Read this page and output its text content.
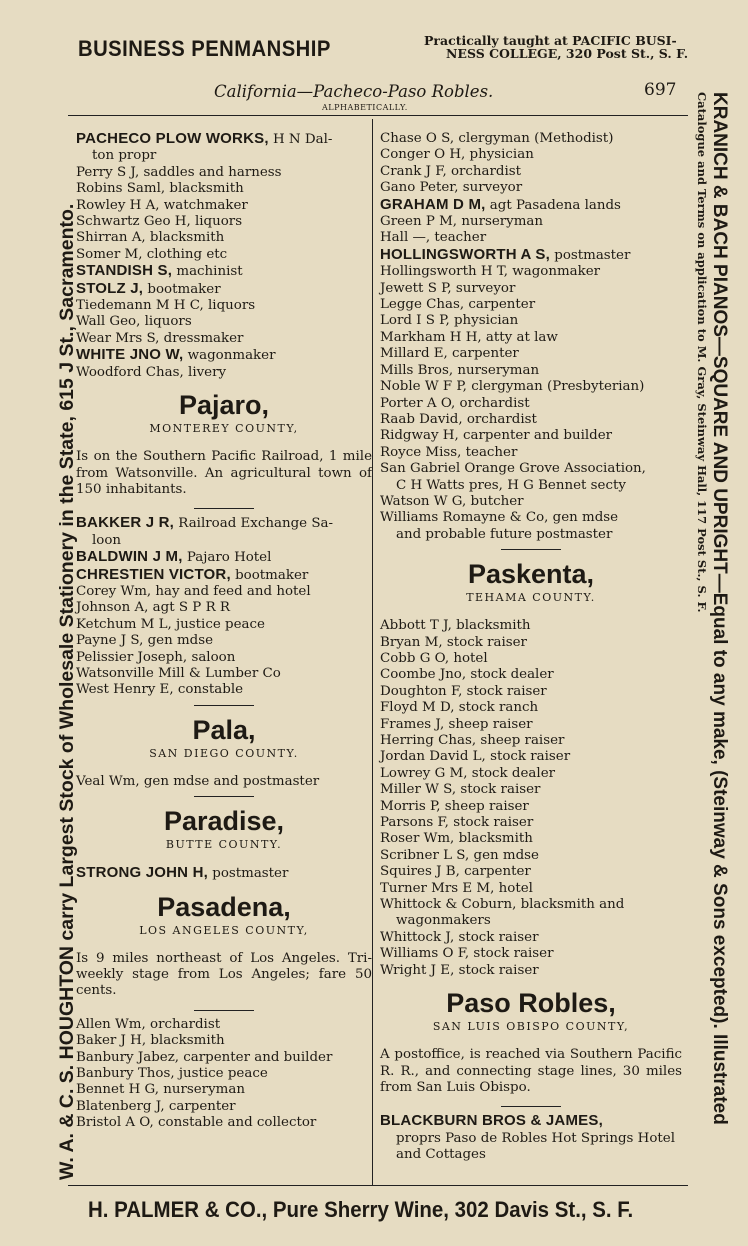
BUSINESS PENMANSHIP	Practically taught at PACIFIC BUSI-
NESS COLLEGE, 320 Post St., S. F.
W. A. & C. S. HOUGHTON carry Largest Stock of Wholesale Stationery in the State, 615 J St., Sacramento.	KRANICH & BACH PIANOS—SQUARE AND UPRIGHT—Equal to any make, (Steinway & Sons excepted). Illustrated
Catalogue and Terms on application to M. Gray, Steinway Hall, 117 Post St., S. F.
California—Pacheco-Paso Robles.	697
ALPHABETICALLY.
PACHECO PLOW WORKS, H N Dal-
ton propr
Perry S J, saddles and harness
Robins Saml, blacksmith
Rowley H A, watchmaker
Schwartz Geo H, liquors
Shirran A, blacksmith
Somer M, clothing etc
STANDISH S, machinist
STOLZ J, bootmaker
Tiedemann M H C, liquors
Wall Geo, liquors
Wear Mrs S, dressmaker
WHITE JNO W, wagonmaker
Woodford Chas, livery
Pajaro,
MONTEREY COUNTY,
Is on the Southern Pacific Railroad, 1 mile from Watsonville. An agricultural town of 150 inhabitants.
BAKKER J R, Railroad Exchange Sa-
loon
BALDWIN J M, Pajaro Hotel
CHRESTIEN VICTOR, bootmaker
Corey Wm, hay and feed and hotel
Johnson A, agt S P R R
Ketchum M L, justice peace
Payne J S, gen mdse
Pelissier Joseph, saloon
Watsonville Mill & Lumber Co
West Henry E, constable
Pala,
SAN DIEGO COUNTY.
Veal Wm, gen mdse and postmaster
Paradise,
BUTTE COUNTY.
STRONG JOHN H, postmaster
Pasadena,
LOS ANGELES COUNTY,
Is 9 miles northeast of Los Angeles. Tri-weekly stage from Los Angeles; fare 50 cents.
Allen Wm, orchardist
Baker J H, blacksmith
Banbury Jabez, carpenter and builder
Banbury Thos, justice peace
Bennet H G, nurseryman
Blatenberg J, carpenter
Bristol A O, constable and collector
Chase O S, clergyman (Methodist)
Conger O H, physician
Crank J F, orchardist
Gano Peter, surveyor
GRAHAM D M, agt Pasadena lands
Green P M, nurseryman
Hall —, teacher
HOLLINGSWORTH A S, postmaster
Hollingsworth H T, wagonmaker
Jewett S P, surveyor
Legge Chas, carpenter
Lord I S P, physician
Markham H H, atty at law
Millard E, carpenter
Mills Bros, nurseryman
Noble W F P, clergyman (Presbyterian)
Porter A O, orchardist
Raab David, orchardist
Ridgway H, carpenter and builder
Royce Miss, teacher
San Gabriel Orange Grove Association,
C H Watts pres, H G Bennet secty
Watson W G, butcher
Williams Romayne & Co, gen mdse
and probable future postmaster
Paskenta,
TEHAMA COUNTY.
Abbott T J, blacksmith
Bryan M, stock raiser
Cobb G O, hotel
Coombe Jno, stock dealer
Doughton F, stock raiser
Floyd M D, stock ranch
Frames J, sheep raiser
Herring Chas, sheep raiser
Jordan David L, stock raiser
Lowrey G M, stock dealer
Miller W S, stock raiser
Morris P, sheep raiser
Parsons F, stock raiser
Roser Wm, blacksmith
Scribner L S, gen mdse
Squires J B, carpenter
Turner Mrs E M, hotel
Whittock & Coburn, blacksmith and
wagonmakers
Whittock J, stock raiser
Williams O F, stock raiser
Wright J E, stock raiser
Paso Robles,
SAN LUIS OBISPO COUNTY,
A postoffice, is reached via Southern Pacific R. R., and connecting stage lines, 30 miles from San Luis Obispo.
BLACKBURN BROS & JAMES,
proprs Paso de Robles Hot Springs Hotel and Cottages
H. PALMER & CO., Pure Sherry Wine, 302 Davis St., S. F.
